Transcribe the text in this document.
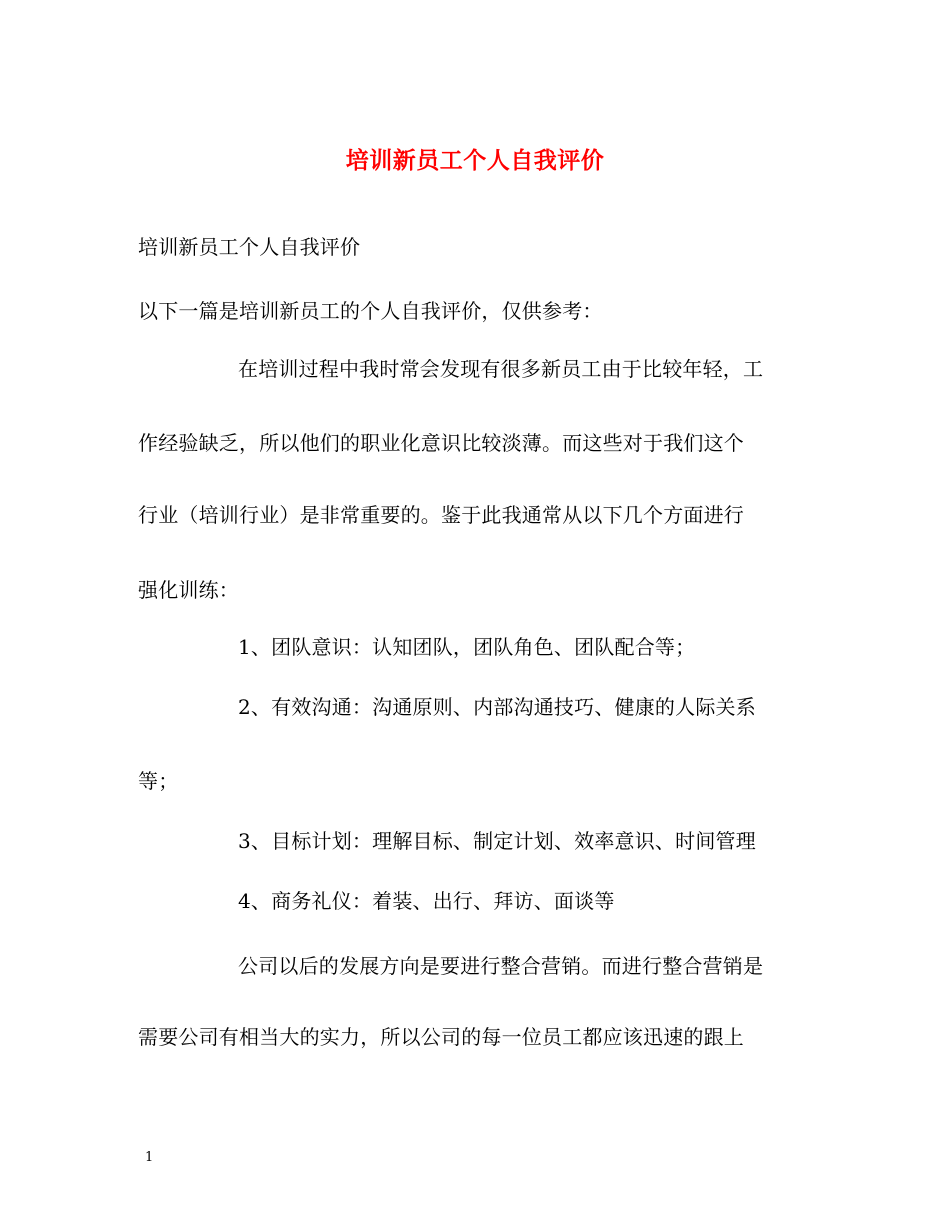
培训新员工个人自我评价
培训新员工个人自我评价
以下一篇是培训新员工的个人自我评价，仅供参考：
在培训过程中我时常会发现有很多新员工由于比较年轻，工
作经验缺乏，所以他们的职业化意识比较淡薄。而这些对于我们这个
行业（培训行业）是非常重要的。鉴于此我通常从以下几个方面进行
强化训练：
1、团队意识：认知团队，团队角色、团队配合等；
2、有效沟通：沟通原则、内部沟通技巧、健康的人际关系
等；
3、目标计划：理解目标、制定计划、效率意识、时间管理
4、商务礼仪：着装、出行、拜访、面谈等
公司以后的发展方向是要进行整合营销。而进行整合营销是
需要公司有相当大的实力，所以公司的每一位员工都应该迅速的跟上
1
